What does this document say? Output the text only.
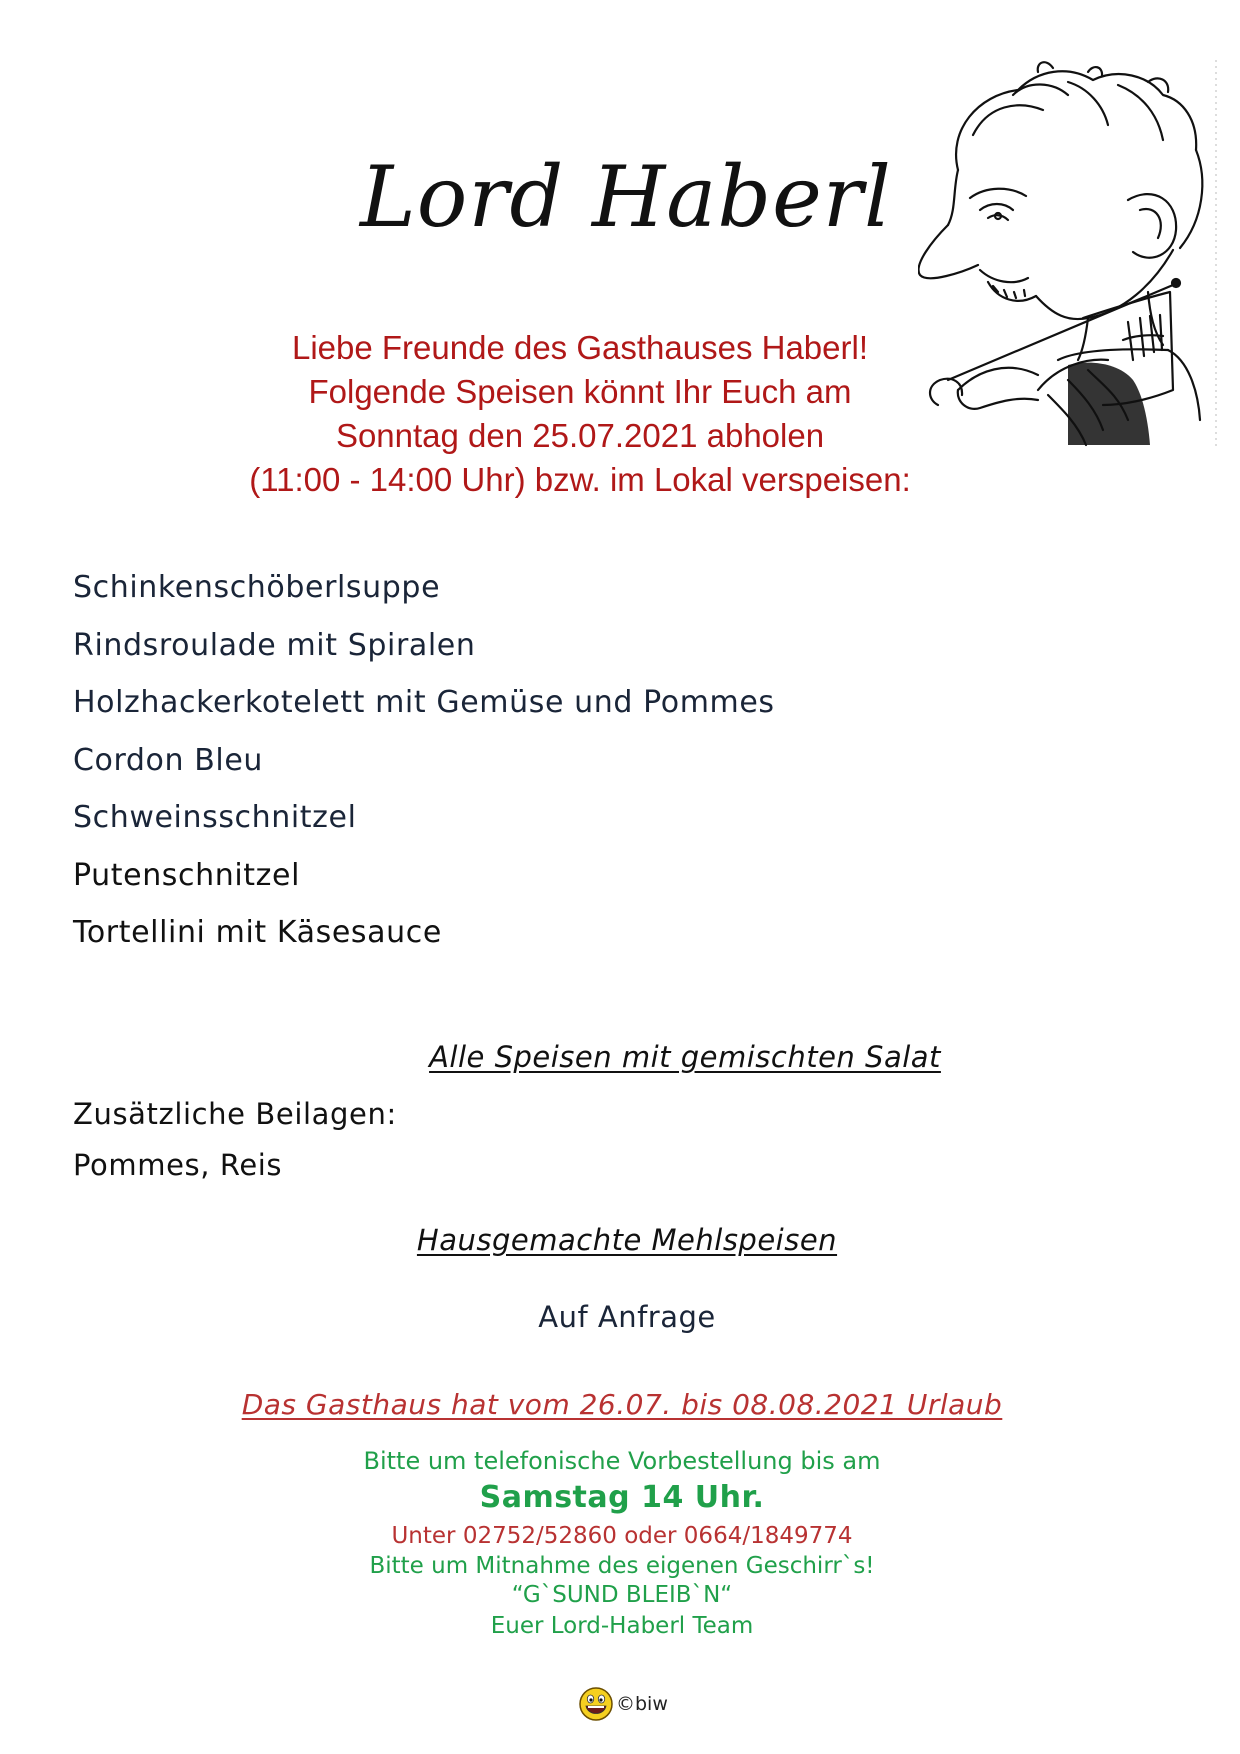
Lord Haberl
Liebe Freunde des Gasthauses Haberl!
Folgende Speisen könnt Ihr Euch am
Sonntag den 25.07.2021 abholen
(11:00 - 14:00 Uhr) bzw. im Lokal verspeisen:
Schinkenschöberlsuppe
Rindsroulade mit Spiralen
Holzhackerkotelett mit Gemüse und Pommes
Cordon Bleu
Schweinsschnitzel
Putenschnitzel
Tortellini mit Käsesauce
Alle Speisen mit gemischten Salat
Zusätzliche Beilagen:
Pommes, Reis
Hausgemachte Mehlspeisen
Auf Anfrage
Das Gasthaus hat vom 26.07. bis 08.08.2021 Urlaub
Bitte um telefonische Vorbestellung bis am
Samstag 14 Uhr.
Unter 02752/52860 oder 0664/1849774
Bitte um Mitnahme des eigenen Geschirr`s!
“G`SUND BLEIB`N“
Euer Lord-Haberl Team
©biw
